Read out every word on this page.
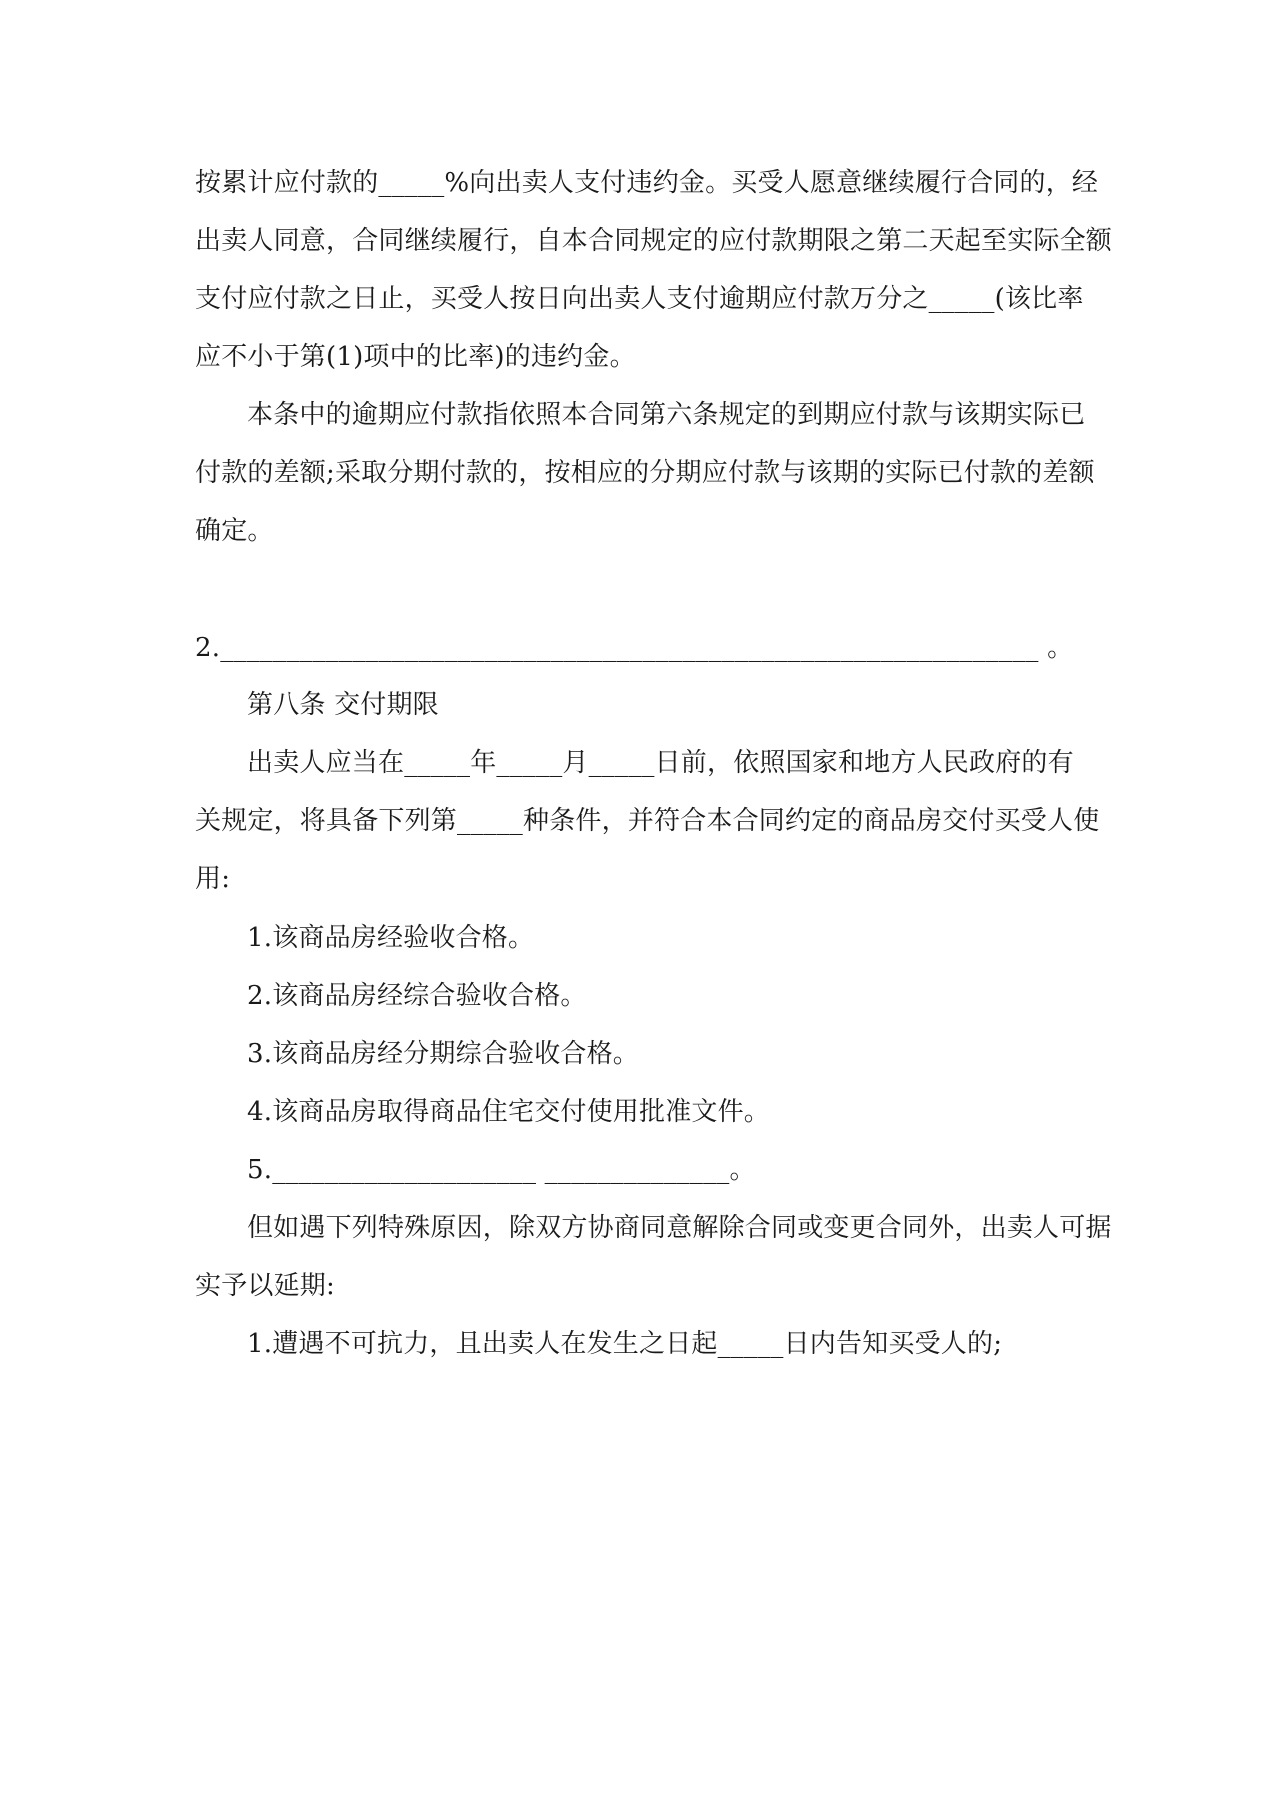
按累计应付款的_____%向出卖人支付违约金。买受人愿意继续履行合同的，经
出卖人同意，合同继续履行，自本合同规定的应付款期限之第二天起至实际全额
支付应付款之日止，买受人按日向出卖人支付逾期应付款万分之_____(该比率
应不小于第(1)项中的比率)的违约金。
本条中的逾期应付款指依照本合同第六条规定的到期应付款与该期实际已
付款的差额;采取分期付款的，按相应的分期应付款与该期的实际已付款的差额
确定。
2.______________________________________________________________ 。
第八条 交付期限
出卖人应当在_____年_____月_____日前，依照国家和地方人民政府的有
关规定，将具备下列第_____种条件，并符合本合同约定的商品房交付买受人使
用:
1.该商品房经验收合格。
2.该商品房经综合验收合格。
3.该商品房经分期综合验收合格。
4.该商品房取得商品住宅交付使用批准文件。
5.____________________ ______________。
但如遇下列特殊原因，除双方协商同意解除合同或变更合同外，出卖人可据
实予以延期:
1.遭遇不可抗力，且出卖人在发生之日起_____日内告知买受人的;
